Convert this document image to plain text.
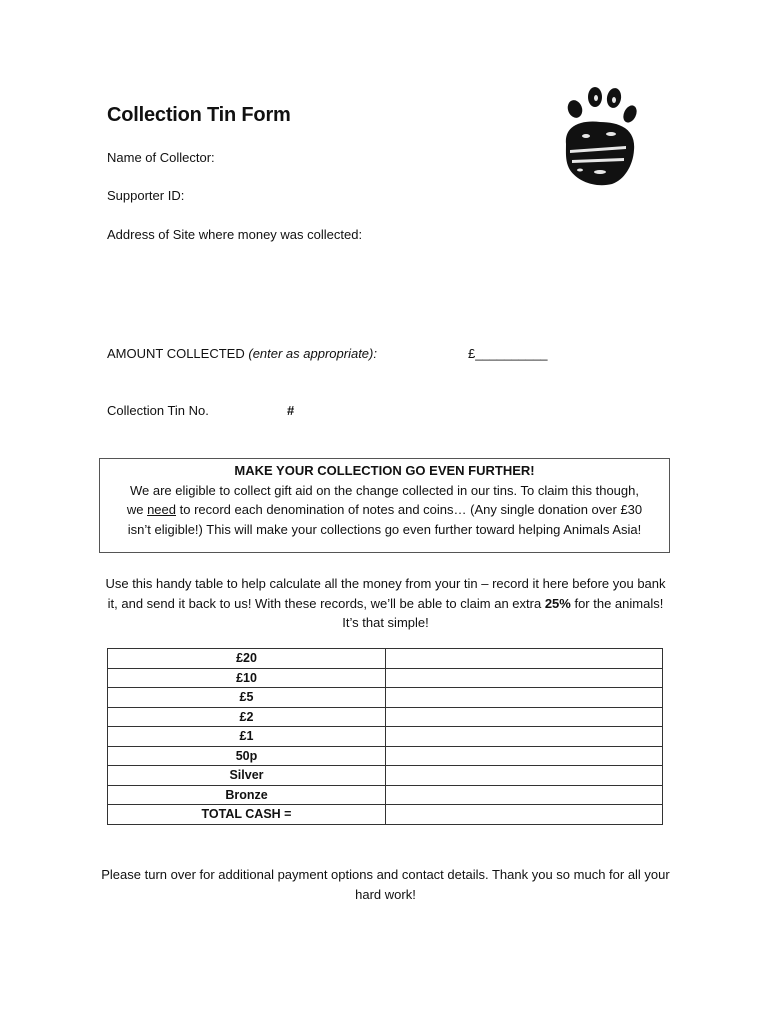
Collection Tin Form
Name of Collector:
Supporter ID:
Address of Site where money was collected:
AMOUNT COLLECTED (enter as appropriate):	£__________
Collection Tin No.	#
MAKE YOUR COLLECTION GO EVEN FURTHER!
We are eligible to collect gift aid on the change collected in our tins. To claim this though,
we need to record each denomination of notes and coins… (Any single donation over £30
isn’t eligible!) This will make your collections go even further toward helping Animals Asia!
Use this handy table to help calculate all the money from your tin – record it here before you bank it, and send it back to us! With these records, we’ll be able to claim an extra 25% for the animals! It’s that simple!
£20	
£10	
£5	
£2	
£1	
50p	
Silver	
Bronze	
TOTAL CASH =	
Please turn over for additional payment options and contact details. Thank you so much for all your hard work!
